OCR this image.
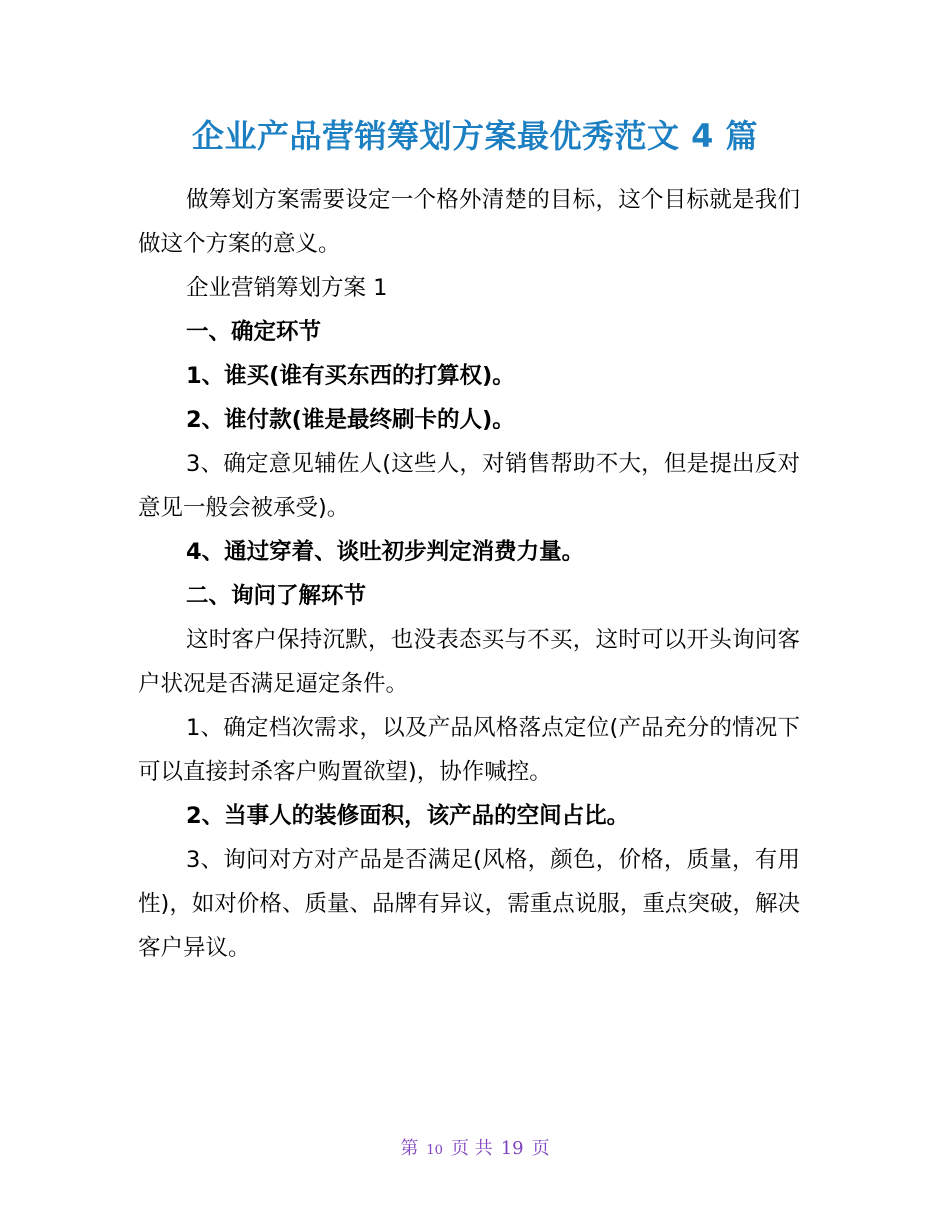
企业产品营销筹划方案最优秀范文 4 篇

做筹划方案需要设定一个格外清楚的目标，这个目标就是我们做这个方案的意义。

企业营销筹划方案 1

一、确定环节

1、谁买(谁有买东西的打算权)。

2、谁付款(谁是最终刷卡的人)。

3、确定意见辅佐人(这些人，对销售帮助不大，但是提出反对意见一般会被承受)。

4、通过穿着、谈吐初步判定消费力量。

二、询问了解环节

这时客户保持沉默，也没表态买与不买，这时可以开头询问客户状况是否满足逼定条件。

1、确定档次需求，以及产品风格落点定位(产品充分的情况下可以直接封杀客户购置欲望)，协作喊控。

2、当事人的装修面积，该产品的空间占比。

3、询问对方对产品是否满足(风格，颜色，价格，质量，有用性)，如对价格、质量、品牌有异议，需重点说服，重点突破，解决客户异议。

第 10 页 共 19 页
